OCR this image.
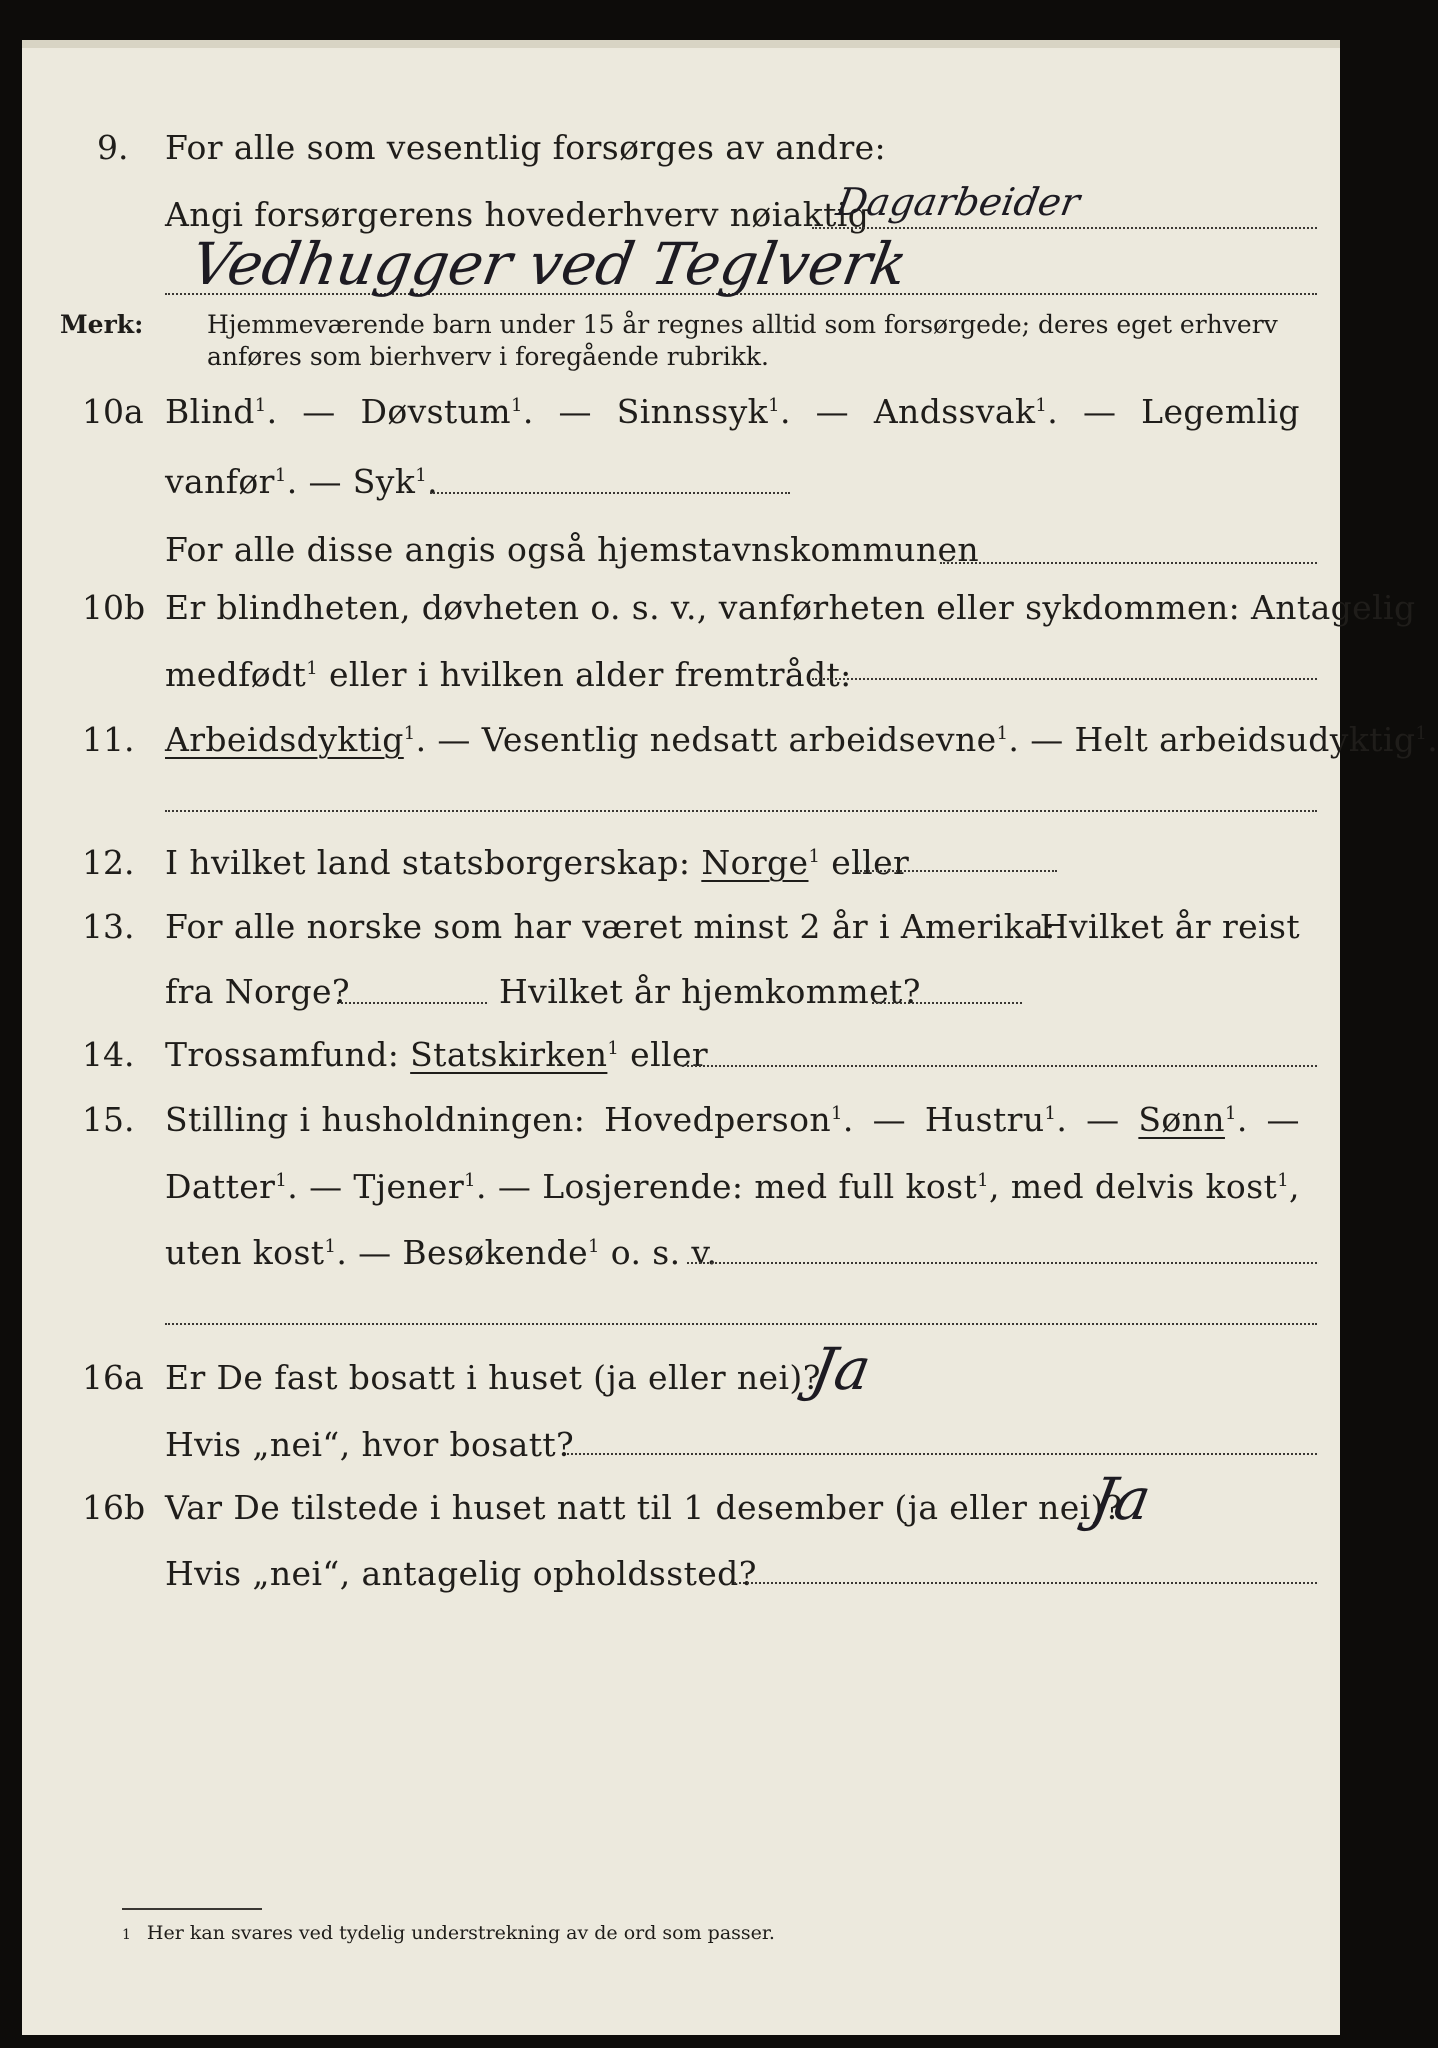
9. For alle som vesentlig forsørges av andre:
Angi forsørgerens hovederhverv nøiaktig
Dagarbeider
Vedhugger ved Teglverk
Merk:	Hjemmeværende barn under 15 år regnes alltid som forsørgede; deres eget erhverv
anføres som bierhverv i foregående rubrikk.
10a Blind$^1$. — Døvstum$^1$. — Sinnssyk$^1$. — Andssvak$^1$. — Legemlig
vanfør$^1$. — Syk$^1$.
For alle disse angis også hjemstavnskommunen
10b Er blindheten, døvheten o. s. v., vanførheten eller sykdommen: Antagelig
medfødt$^1$ eller i hvilken alder fremtrådt:
11. Arbeidsdyktig$^1$. — Vesentlig nedsatt arbeidsevne$^1$. — Helt arbeidsudyktig$^1$.
12. I hvilket land statsborgerskap: Norge$^1$ eller
13. For alle norske som har været minst 2 år i Amerika:
Hvilket år reist
fra Norge?	Hvilket år hjemkommet?
14. Trossamfund: Statskirken$^1$ eller
15. Stilling i husholdningen: Hovedperson$^1$. — Hustru$^1$. — Sønn$^1$. —
Datter$^1$. — Tjener$^1$. — Losjerende: med full kost$^1$, med delvis kost$^1$,
uten kost$^1$. — Besøkende$^1$ o. s. v.
16a Er De fast bosatt i huset (ja eller nei)?
Ja
Hvis „nei“, hvor bosatt?
16b Var De tilstede i huset natt til 1 desember (ja eller nei)?
Ja
Hvis „nei“, antagelig opholdssted?
1 Her kan svares ved tydelig understrekning av de ord som passer.
